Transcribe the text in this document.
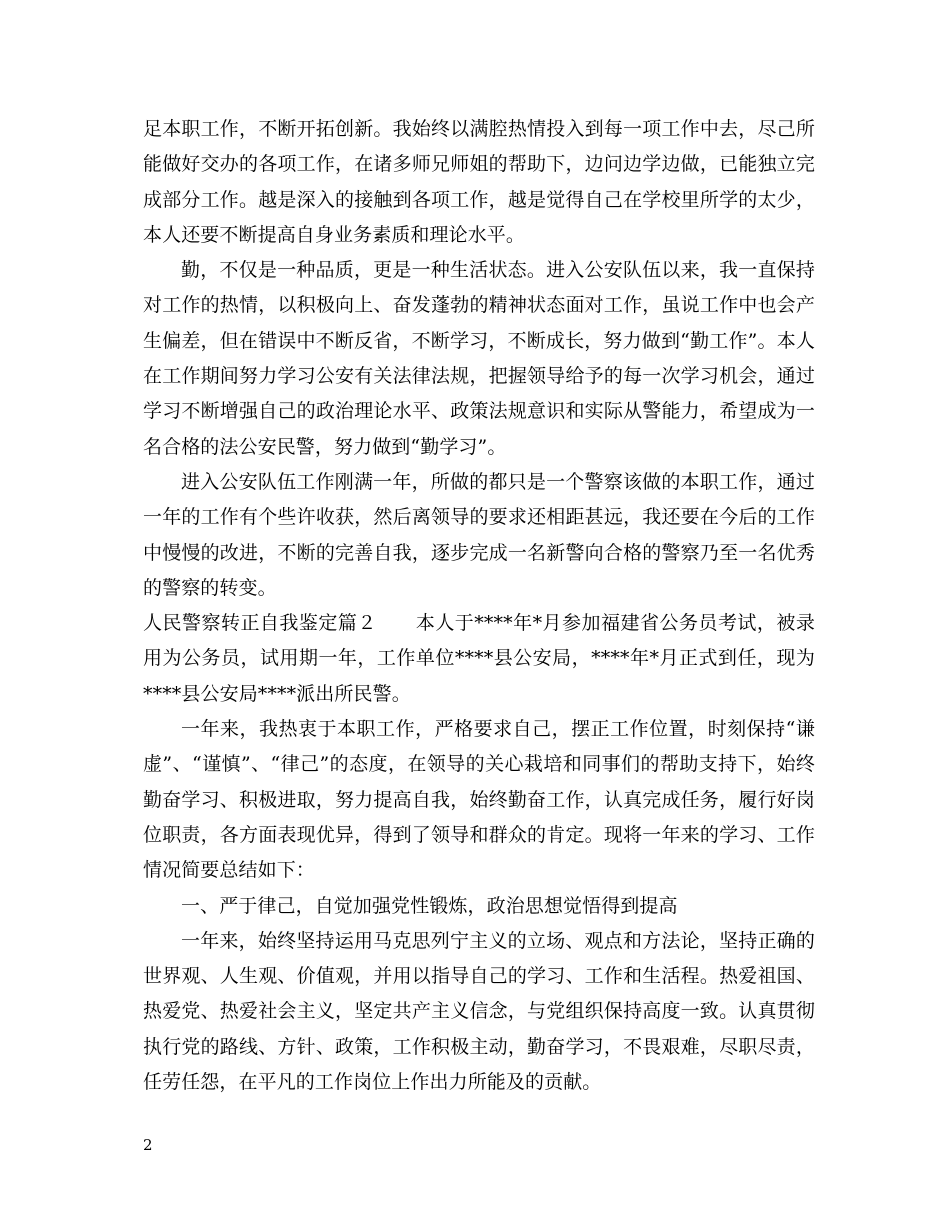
足本职工作，不断开拓创新。我始终以满腔热情投入到每一项工作中去，尽己所能做好交办的各项工作，在诸多师兄师姐的帮助下，边问边学边做，已能独立完成部分工作。越是深入的接触到各项工作，越是觉得自己在学校里所学的太少，本人还要不断提高自身业务素质和理论水平。

勤，不仅是一种品质，更是一种生活状态。进入公安队伍以来，我一直保持对工作的热情，以积极向上、奋发蓬勃的精神状态面对工作，虽说工作中也会产生偏差，但在错误中不断反省，不断学习，不断成长，努力做到“勤工作”。本人在工作期间努力学习公安有关法律法规，把握领导给予的每一次学习机会，通过学习不断增强自己的政治理论水平、政策法规意识和实际从警能力，希望成为一名合格的法公安民警，努力做到“勤学习”。

进入公安队伍工作刚满一年，所做的都只是一个警察该做的本职工作，通过一年的工作有个些许收获，然后离领导的要求还相距甚远，我还要在今后的工作中慢慢的改进，不断的完善自我，逐步完成一名新警向合格的警察乃至一名优秀的警察的转变。

人民警察转正自我鉴定篇２　　本人于****年*月参加福建省公务员考试，被录用为公务员，试用期一年，工作单位****县公安局，****年*月正式到任，现为****县公安局****派出所民警。

一年来，我热衷于本职工作，严格要求自己，摆正工作位置，时刻保持“谦虚”、“谨慎”、“律己”的态度，在领导的关心栽培和同事们的帮助支持下，始终勤奋学习、积极进取，努力提高自我，始终勤奋工作，认真完成任务，履行好岗位职责，各方面表现优异，得到了领导和群众的肯定。现将一年来的学习、工作情况简要总结如下：

一、严于律己，自觉加强党性锻炼，政治思想觉悟得到提高

一年来，始终坚持运用马克思列宁主义的立场、观点和方法论，坚持正确的世界观、人生观、价值观，并用以指导自己的学习、工作和生活程。热爱祖国、热爱党、热爱社会主义，坚定共产主义信念，与党组织保持高度一致。认真贯彻执行党的路线、方针、政策，工作积极主动，勤奋学习，不畏艰难，尽职尽责，任劳任怨，在平凡的工作岗位上作出力所能及的贡献。

2
